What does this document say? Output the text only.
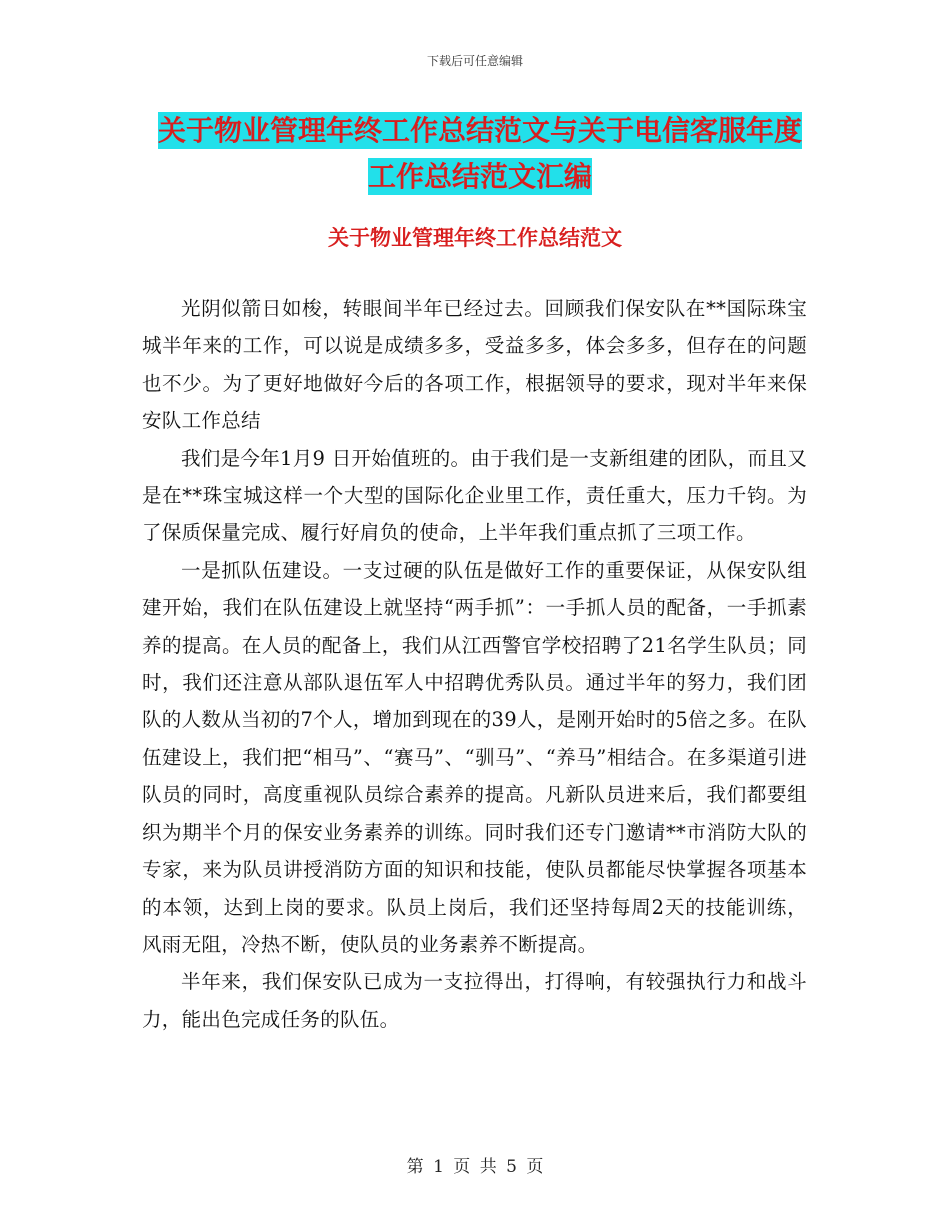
下载后可任意编辑
关于物业管理年终工作总结范文与关于电信客服年度
工作总结范文汇编
关于物业管理年终工作总结范文

光阴似箭日如梭，转眼间半年已经过去。回顾我们保安队在**国际珠宝城半年来的工作，可以说是成绩多多，受益多多，体会多多，但存在的问题也不少。为了更好地做好今后的各项工作，根据领导的要求，现对半年来保安队工作总结

我们是今年1月9 日开始值班的。由于我们是一支新组建的团队，而且又是在**珠宝城这样一个大型的国际化企业里工作，责任重大，压力千钧。为了保质保量完成、履行好肩负的使命，上半年我们重点抓了三项工作。

一是抓队伍建设。一支过硬的队伍是做好工作的重要保证，从保安队组建开始，我们在队伍建设上就坚持“两手抓”：一手抓人员的配备，一手抓素养的提高。在人员的配备上，我们从江西警官学校招聘了21名学生队员；同时，我们还注意从部队退伍军人中招聘优秀队员。通过半年的努力，我们团队的人数从当初的7个人，增加到现在的39人，是刚开始时的5倍之多。在队伍建设上，我们把“相马”、“赛马”、“驯马”、“养马”相结合。在多渠道引进队员的同时，高度重视队员综合素养的提高。凡新队员进来后，我们都要组织为期半个月的保安业务素养的训练。同时我们还专门邀请**市消防大队的专家，来为队员讲授消防方面的知识和技能，使队员都能尽快掌握各项基本的本领，达到上岗的要求。队员上岗后，我们还坚持每周2天的技能训练，风雨无阻，冷热不断，使队员的业务素养不断提高。

半年来，我们保安队已成为一支拉得出，打得响，有较强执行力和战斗力，能出色完成任务的队伍。

第 1 页 共 5 页
